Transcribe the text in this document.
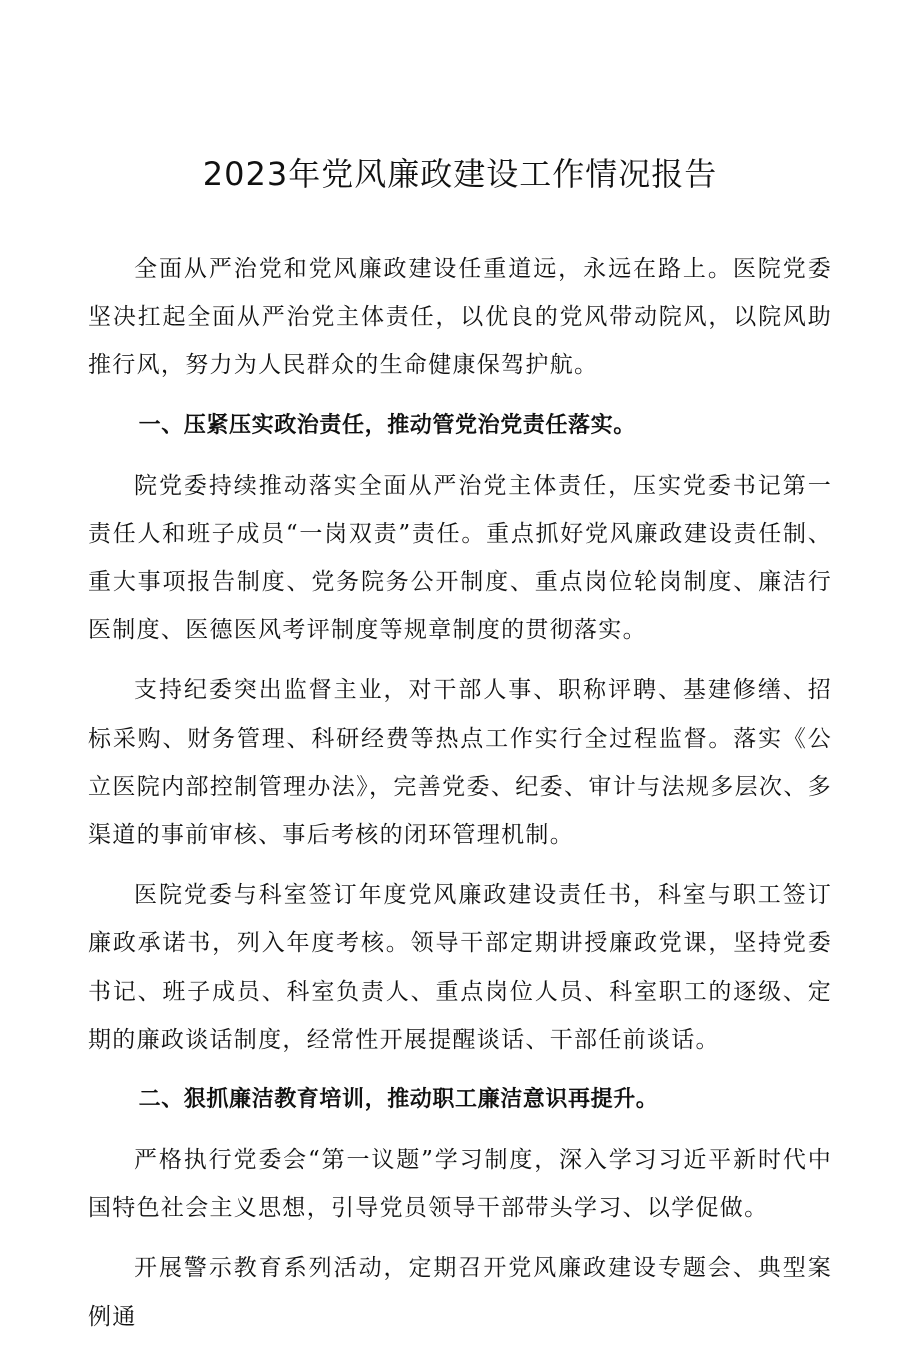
2023年党风廉政建设工作情况报告

全面从严治党和党风廉政建设任重道远，永远在路上。医院党委坚决扛起全面从严治党主体责任，以优良的党风带动院风，以院风助推行风，努力为人民群众的生命健康保驾护航。

一、压紧压实政治责任，推动管党治党责任落实。

院党委持续推动落实全面从严治党主体责任，压实党委书记第一责任人和班子成员“一岗双责”责任。重点抓好党风廉政建设责任制、重大事项报告制度、党务院务公开制度、重点岗位轮岗制度、廉洁行医制度、医德医风考评制度等规章制度的贯彻落实。

支持纪委突出监督主业，对干部人事、职称评聘、基建修缮、招标采购、财务管理、科研经费等热点工作实行全过程监督。落实《公立医院内部控制管理办法》，完善党委、纪委、审计与法规多层次、多渠道的事前审核、事后考核的闭环管理机制。

医院党委与科室签订年度党风廉政建设责任书，科室与职工签订廉政承诺书，列入年度考核。领导干部定期讲授廉政党课，坚持党委书记、班子成员、科室负责人、重点岗位人员、科室职工的逐级、定期的廉政谈话制度，经常性开展提醒谈话、干部任前谈话。

二、狠抓廉洁教育培训，推动职工廉洁意识再提升。

严格执行党委会“第一议题”学习制度，深入学习习近平新时代中国特色社会主义思想，引导党员领导干部带头学习、以学促做。

开展警示教育系列活动，定期召开党风廉政建设专题会、典型案例通
